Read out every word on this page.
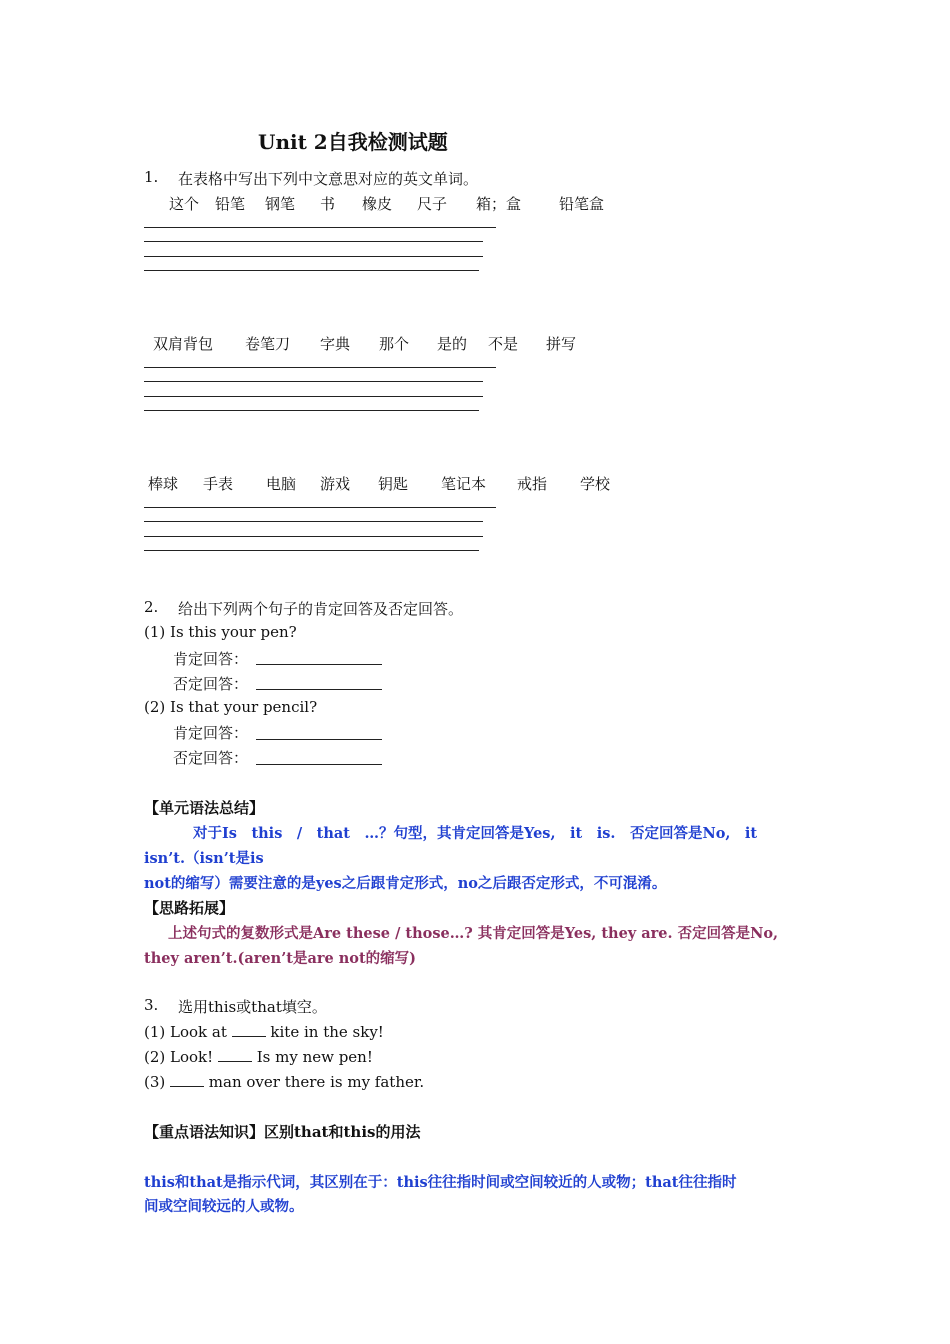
Unit 2自我检测试题
1. 在表格中写出下列中文意思对应的英文单词。
这个 铅笔 钢笔 书 橡皮 尺子 箱；盒	铅笔盒
双肩背包 卷笔刀 字典 那个 是的 不是 拼写
棒球 手表 电脑 游戏 钥匙 笔记本 戒指 学校
2. 给出下列两个句子的肯定回答及否定回答。
(1) Is this your pen?
肯定回答：
否定回答：
(2) Is that your pencil?
肯定回答：
否定回答：
【单元语法总结】
对于Is　this　/　that　…？句型，其肯定回答是Yes,　it　is.　否定回答是No,　it
isn’t.（isn’t是is
not的缩写）需要注意的是yes之后跟肯定形式，no之后跟否定形式，不可混淆。
【思路拓展】
上述句式的复数形式是Are these / those…? 其肯定回答是Yes, they are. 否定回答是No,
they aren’t.(aren’t是are not的缩写)
3. 选用this或that填空。
(1) Look at  kite in the sky!
(2) Look!  Is my new pen!
(3)  man over there is my father.
【重点语法知识】区别that和this的用法
this和that是指示代词，其区别在于：this往往指时间或空间较近的人或物；that往往指时
间或空间较远的人或物。
